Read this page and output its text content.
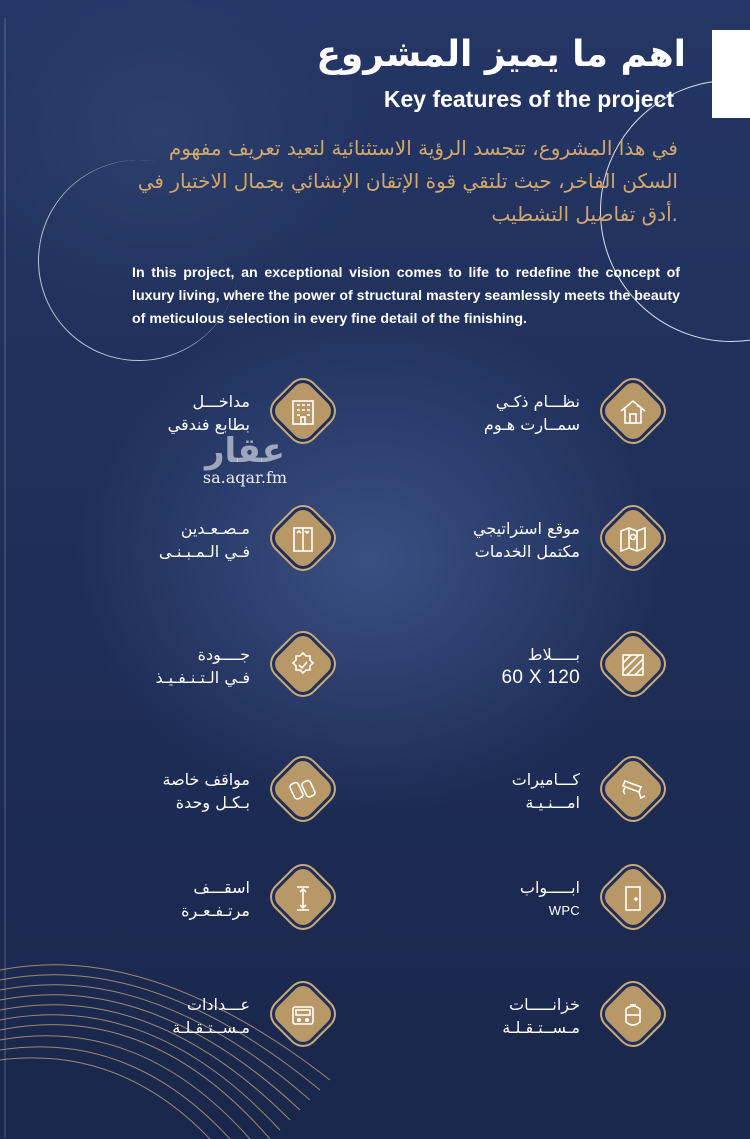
اهم ما يميز المشروع
Key features of the project
في هذا المشروع، تتجسد الرؤية الاستثنائية لتعيد تعريف مفهوم السكن الفاخر، حيث تلتقي قوة الإتقان الإنشائي بجمال الاختيار في .أدق تفاصيل التشطيب
In this project, an exceptional vision comes to life to redefine the concept of luxury living, where the power of structural mastery seamlessly meets the beauty of meticulous selection in every fine detail of the finishing.
عقار
sa.aqar.fm
نظـــام ذكـي
سمــارت هـوم
مداخـــل
بطابع فندقي
موقع استراتيجي
مكتمل الخدمات
مـصـعـدين
فـي الـمـبـنـى
بـــــلاط
60 X 120
جــــودة
فـي الـتـنـفـيـذ
كـــاميرات
امـــنـيـة
مواقف خاصة
بـكـل وحدة
ابـــــواب
WPC
اسقـــف
مرتـفـعـرة
خزانـــــات
مـســتـقـلـة
عـــدادات
مـســتـقـلـة
